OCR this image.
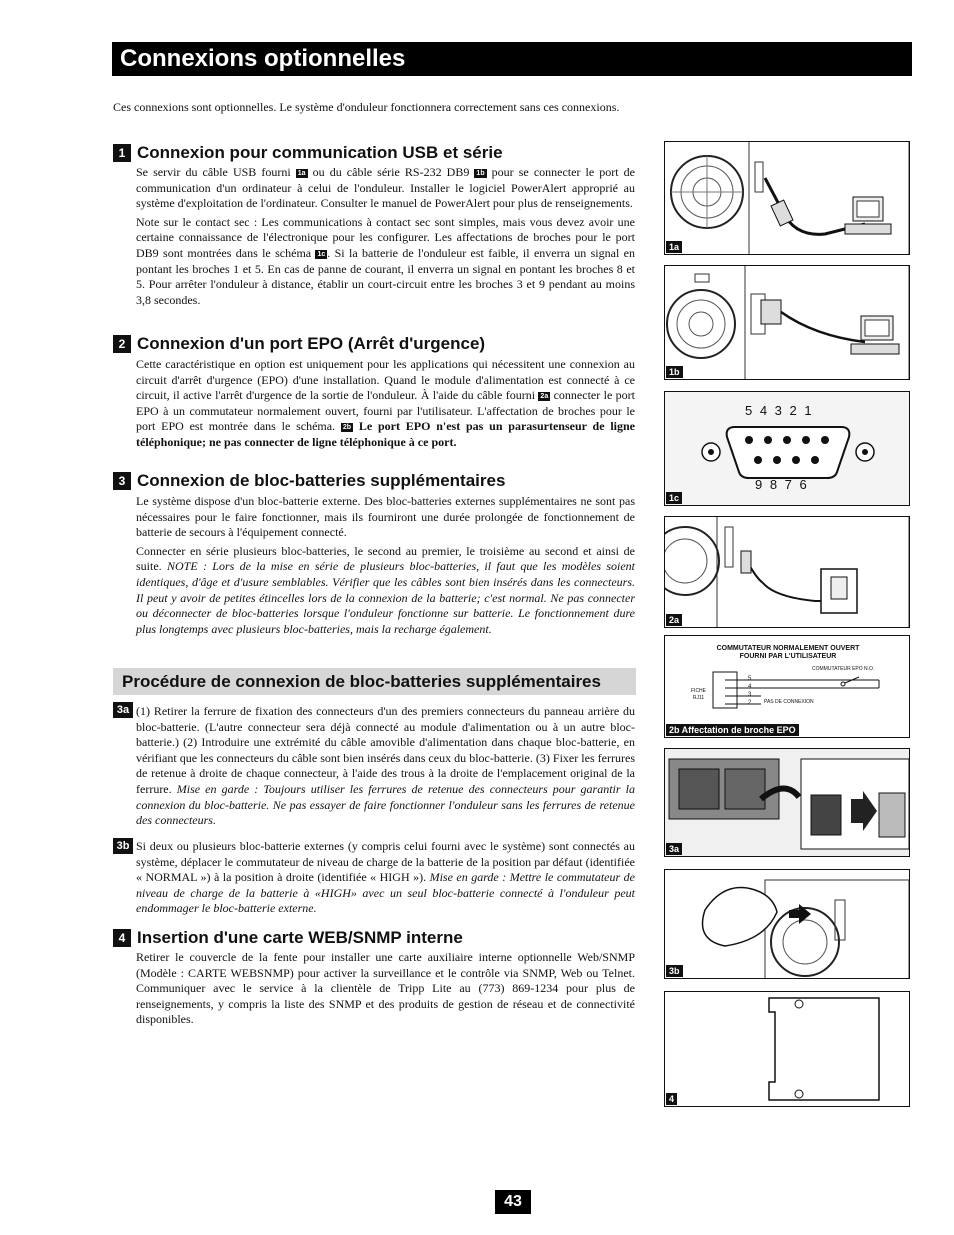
Connexions optionnelles
Ces connexions sont optionnelles. Le système d'onduleur fonctionnera correctement sans ces connexions.
1 Connexion pour communication USB et série

Se servir du câble USB fourni 1a ou du câble série RS-232 DB9 1b pour se connecter le port de communication d'un ordinateur à celui de l'onduleur. Installer le logiciel PowerAlert approprié au système d'exploitation de l'ordinateur. Consulter le manuel de PowerAlert pour plus de renseignements.

Note sur le contact sec : Les communications à contact sec sont simples, mais vous devez avoir une certaine connaissance de l'électronique pour les configurer. Les affectations de broches pour le port DB9 sont montrées dans le schéma 1c . Si la batterie de l'onduleur est faible, il enverra un signal en pontant les broches 1 et 5. En cas de panne de courant, il enverra un signal en pontant les broches 8 et 5. Pour arrêter l'onduleur à distance, établir un court-circuit entre les broches 3 et 9 pendant au moins 3,8 secondes.

2 Connexion d'un port EPO (Arrêt d'urgence)

Cette caractéristique en option est uniquement pour les applications qui nécessitent une connexion au circuit d'arrêt d'urgence (EPO) d'une installation. Quand le module d'alimentation est connecté à ce circuit, il active l'arrêt d'urgence de la sortie de l'onduleur. À l'aide du câble fourni 2a connecter le port EPO à un commutateur normalement ouvert, fourni par l'utilisateur. L'affectation de broches pour le port EPO est montrée dans le schéma. 2b Le port EPO n'est pas un parasurtenseur de ligne téléphonique; ne pas connecter de ligne téléphonique à ce port.

3 Connexion de bloc-batteries supplémentaires

Le système dispose d'un bloc-batterie externe. Des bloc-batteries externes supplémentaires ne sont pas nécessaires pour le faire fonctionner, mais ils fourniront une durée prolongée de fonctionnement de batterie de secours à l'équipement connecté.

Connecter en série plusieurs bloc-batteries, le second au premier, le troisième au second et ainsi de suite. NOTE : Lors de la mise en série de plusieurs bloc-batteries, il faut que les modèles soient identiques, d'âge et d'usure semblables. Vérifier que les câbles sont bien insérés dans les connecteurs. Il peut y avoir de petites étincelles lors de la connexion de la batterie; c'est normal. Ne pas connecter ou déconnecter de bloc-batteries lorsque l'onduleur fonctionne sur batterie. Le fonctionnement dure plus longtemps avec plusieurs bloc-batteries, mais la recharge également.

Procédure de connexion de bloc-batteries supplémentaires
3a (1) Retirer la ferrure de fixation des connecteurs d'un des premiers connecteurs du panneau arrière du bloc-batterie. (L'autre connecteur sera déjà connecté au module d'alimentation ou à un autre bloc-batterie.) (2) Introduire une extrémité du câble amovible d'alimentation dans chaque bloc-batterie, en vérifiant que les connecteurs du câble sont bien insérés dans ceux du bloc-batterie. (3) Fixer les ferrures de retenue à droite de chaque connecteur, à l'aide des trous à la droite de l'emplacement original de la ferrure. Mise en garde : Toujours utiliser les ferrures de retenue des connecteurs pour garantir la connexion du bloc-batterie. Ne pas essayer de faire fonctionner l'onduleur sans les ferrures de retenue des connecteurs.

3b Si deux ou plusieurs bloc-batterie externes (y compris celui fourni avec le système) sont connectés au système, déplacer le commutateur de niveau de charge de la batterie de la position par défaut (identifiée « NORMAL ») à la position à droite (identifiée « HIGH »). Mise en garde : Mettre le commutateur de niveau de charge de la batterie à «HIGH» avec un seul bloc-batterie connecté à l'onduleur peut endommager le bloc-batterie externe.

4 Insertion d'une carte WEB/SNMP interne

Retirer le couvercle de la fente pour installer une carte auxiliaire interne optionnelle Web/SNMP (Modèle : CARTE WEBSNMP) pour activer la surveillance et le contrôle via SNMP, Web ou Telnet. Communiquer avec le service à la clientèle de Tripp Lite au (773) 869-1234 pour plus de renseignements, y compris la liste des SNMP et des produits de gestion de réseau et de connectivité disponibles.

1a
1b
5 4 3 2 1
9 8 7 6
1c
2a
COMMUTATEUR NORMALEMENT OUVERT
FOURNI PAR L'UTILISATEUR
COMMUTATEUR EPO N.O.
FICHE
RJ11
5
4
3
2	PAS DE CONNEXION
2b Affectation de broche EPO
3a
3b
4
43
